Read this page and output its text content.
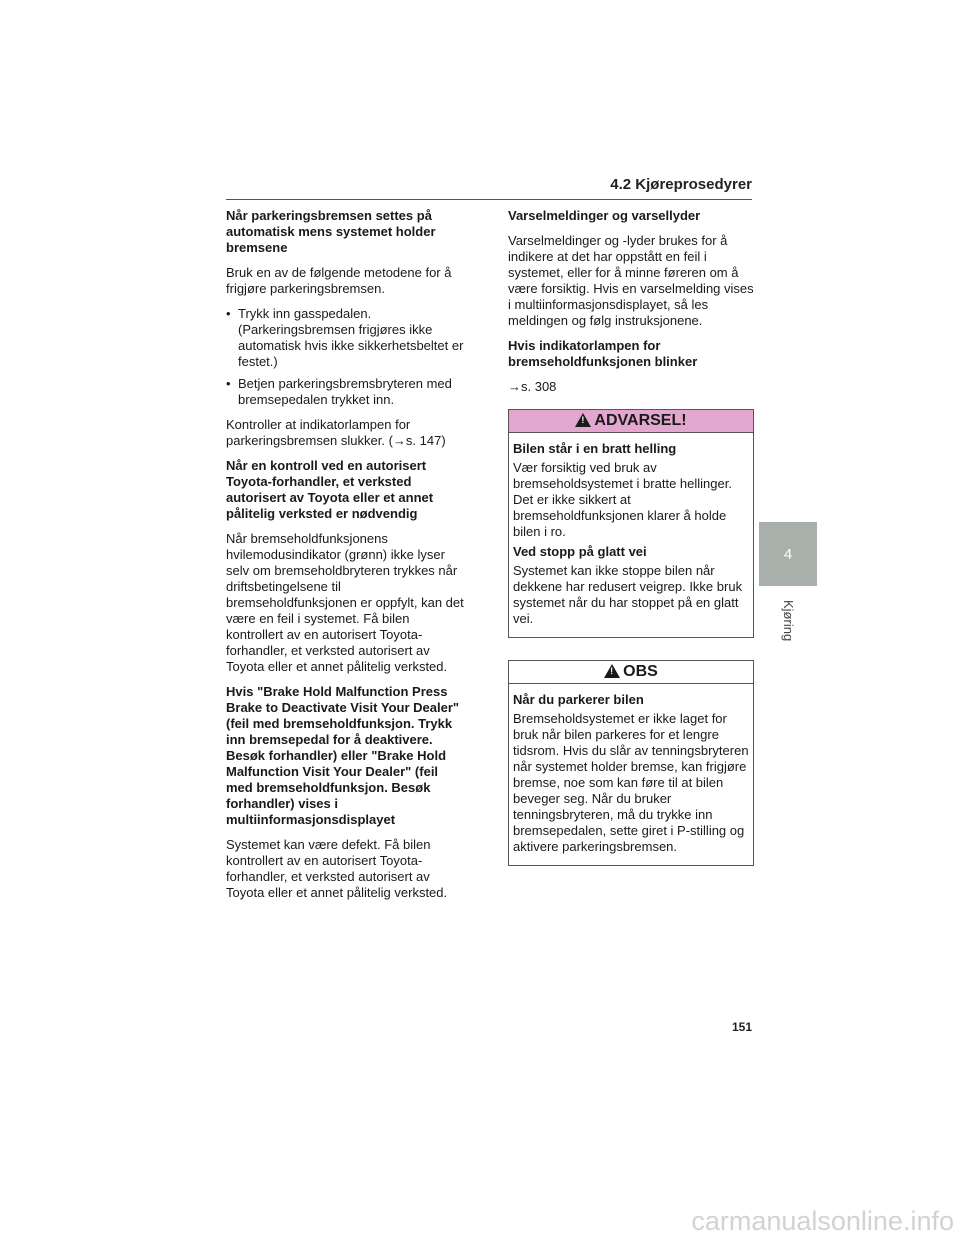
4.2 Kjøreprosedyrer
Når parkeringsbremsen settes på automatisk mens systemet holder bremsene
Bruk en av de følgende metodene for å frigjøre parkeringsbremsen.
• Trykk inn gasspedalen. (Parkeringsbremsen frigjøres ikke automatisk hvis ikke sikkerhetsbeltet er festet.)
• Betjen parkeringsbremsbryteren med bremsepedalen trykket inn.
Kontroller at indikatorlampen for parkeringsbremsen slukker. (→s. 147)
Når en kontroll ved en autorisert Toyota-forhandler, et verksted autorisert av Toyota eller et annet pålitelig verksted er nødvendig
Når bremseholdfunksjonens hvilemodusindikator (grønn) ikke lyser selv om bremseholdbryteren trykkes når driftsbetingelsene til bremseholdfunksjonen er oppfylt, kan det være en feil i systemet. Få bilen kontrollert av en autorisert Toyota-forhandler, et verksted autorisert av Toyota eller et annet pålitelig verksted.
Hvis "Brake Hold Malfunction Press Brake to Deactivate Visit Your Dealer" (feil med bremseholdfunksjon. Trykk inn bremsepedal for å deaktivere. Besøk forhandler) eller "Brake Hold Malfunction Visit Your Dealer" (feil med bremseholdfunksjon. Besøk forhandler) vises i multiinformasjonsdisplayet
Systemet kan være defekt. Få bilen kontrollert av en autorisert Toyota-forhandler, et verksted autorisert av Toyota eller et annet pålitelig verksted.
Varselmeldinger og varsellyder
Varselmeldinger og -lyder brukes for å indikere at det har oppstått en feil i systemet, eller for å minne føreren om å være forsiktig. Hvis en varselmelding vises i multiinformasjonsdisplayet, så les meldingen og følg instruksjonene.
Hvis indikatorlampen for bremseholdfunksjonen blinker
→s. 308
!
ADVARSEL!
Bilen står i en bratt helling
Vær forsiktig ved bruk av bremseholdsystemet i bratte hellinger. Det er ikke sikkert at bremseholdfunksjonen klarer å holde bilen i ro.
Ved stopp på glatt vei
Systemet kan ikke stoppe bilen når dekkene har redusert veigrep. Ikke bruk systemet når du har stoppet på en glatt vei.
!
OBS
Når du parkerer bilen
Bremseholdsystemet er ikke laget for bruk når bilen parkeres for et lengre tidsrom. Hvis du slår av tenningsbryteren når systemet holder bremse, kan frigjøre bremse, noe som kan føre til at bilen beveger seg. Når du bruker tenningsbryteren, må du trykke inn bremsepedalen, sette giret i P-stilling og aktivere parkeringsbremsen.
4
Kjøring
151
carmanualsonline.info
